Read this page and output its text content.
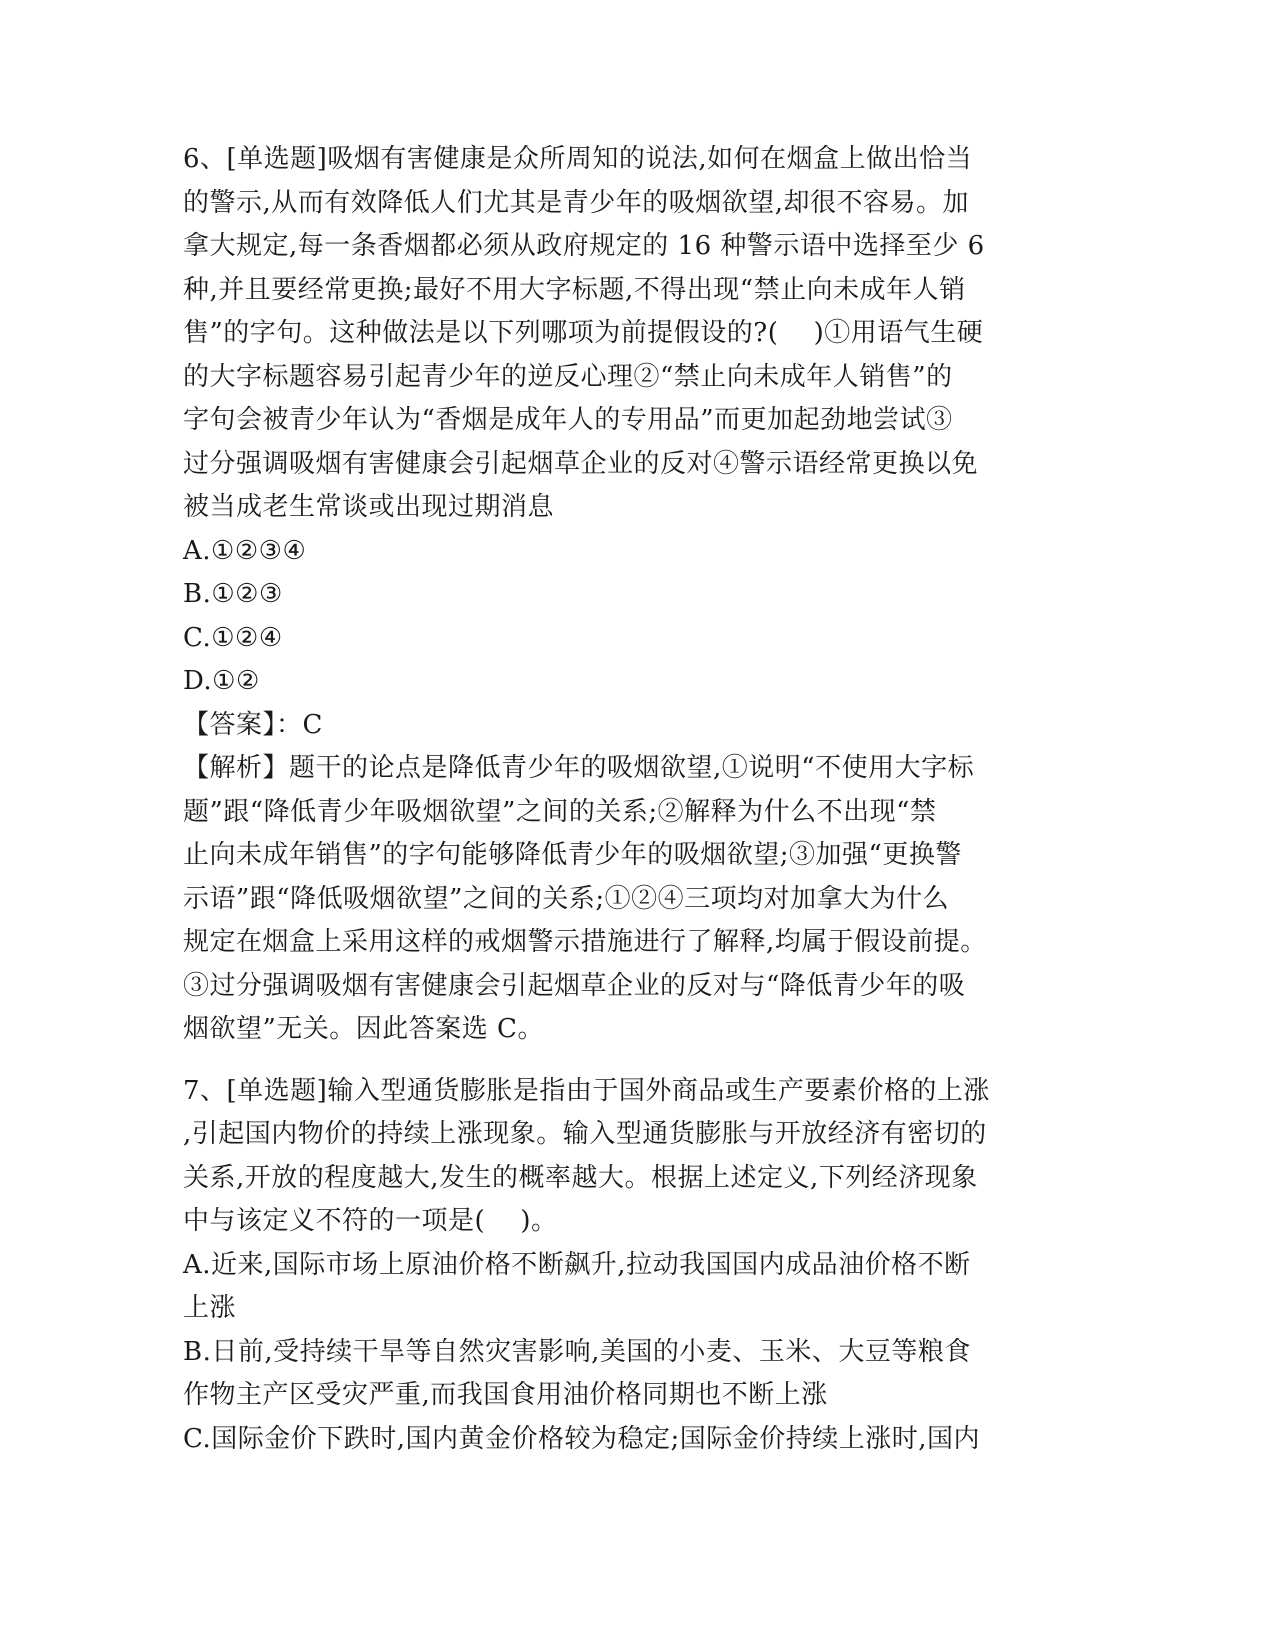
6、[单选题]吸烟有害健康是众所周知的说法,如何在烟盒上做出恰当
的警示,从而有效降低人们尤其是青少年的吸烟欲望,却很不容易。加
拿大规定,每一条香烟都必须从政府规定的 16 种警示语中选择至少 6
种,并且要经常更换;最好不用大字标题,不得出现“禁止向未成年人销
售”的字句。这种做法是以下列哪项为前提假设的?(　 )①用语气生硬
的大字标题容易引起青少年的逆反心理②“禁止向未成年人销售”的
字句会被青少年认为“香烟是成年人的专用品”而更加起劲地尝试③
过分强调吸烟有害健康会引起烟草企业的反对④警示语经常更换以免
被当成老生常谈或出现过期消息
A.①②③④
B.①②③
C.①②④
D.①②
【答案】：C
【解析】题干的论点是降低青少年的吸烟欲望,①说明“不使用大字标
题”跟“降低青少年吸烟欲望”之间的关系;②解释为什么不出现“禁
止向未成年销售”的字句能够降低青少年的吸烟欲望;③加强“更换警
示语”跟“降低吸烟欲望”之间的关系;①②④三项均对加拿大为什么
规定在烟盒上采用这样的戒烟警示措施进行了解释,均属于假设前提。
③过分强调吸烟有害健康会引起烟草企业的反对与“降低青少年的吸
烟欲望”无关。因此答案选 C。
7、[单选题]输入型通货膨胀是指由于国外商品或生产要素价格的上涨
,引起国内物价的持续上涨现象。输入型通货膨胀与开放经济有密切的
关系,开放的程度越大,发生的概率越大。根据上述定义,下列经济现象
中与该定义不符的一项是(　 )。
A.近来,国际市场上原油价格不断飙升,拉动我国国内成品油价格不断
上涨
B.日前,受持续干旱等自然灾害影响,美国的小麦、玉米、大豆等粮食
作物主产区受灾严重,而我国食用油价格同期也不断上涨
C.国际金价下跌时,国内黄金价格较为稳定;国际金价持续上涨时,国内
